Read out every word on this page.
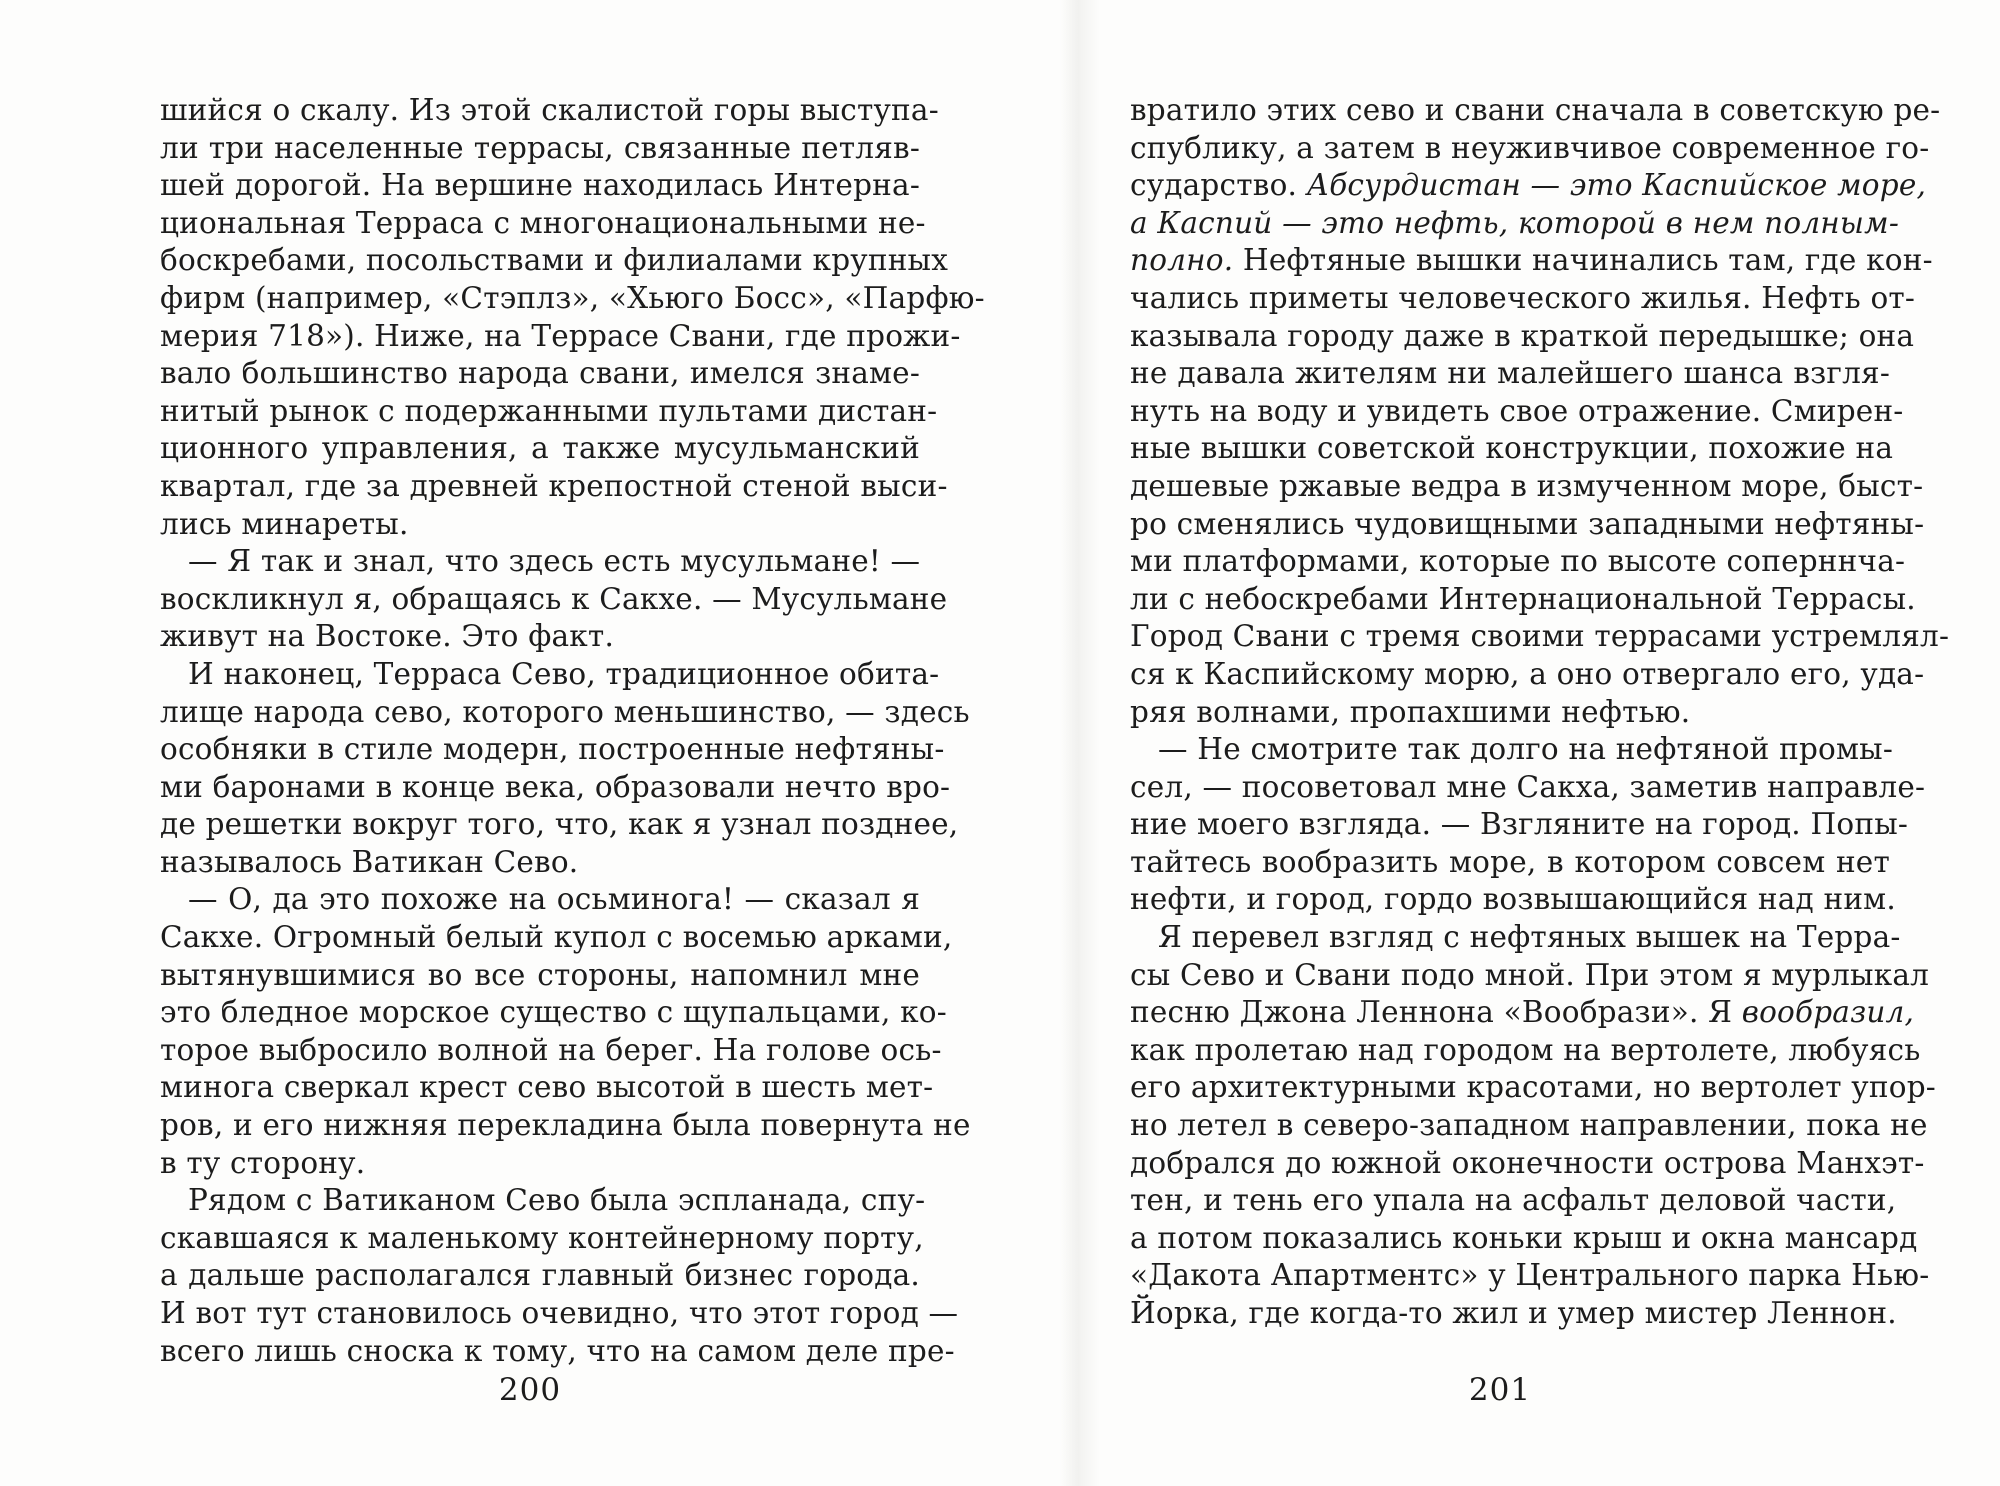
шийся о скалу. Из этой скалистой горы выступа-
ли три населенные террасы, связанные петляв-
шей дорогой. На вершине находилась Интерна-
циональная Терраса с многонациональными не-
боскребами, посольствами и филиалами крупных
фирм (например, «Стэплз», «Хьюго Босс», «Парфю-
мерия 718»). Ниже, на Террасе Свани, где прожи-
вало большинство народа свани, имелся знаме-
нитый рынок с подержанными пультами дистан-
ционного управления, а также мусульманский
квартал, где за древней крепостной стеной выси-
лись минареты.
— Я так и знал, что здесь есть мусульмане! —
воскликнул я, обращаясь к Сакхе. — Мусульмане
живут на Востоке. Это факт.
И наконец, Терраса Сево, традиционное обита-
лище народа сево, которого меньшинство, — здесь
особняки в стиле модерн, построенные нефтяны-
ми баронами в конце века, образовали нечто вро-
де решетки вокруг того, что, как я узнал позднее,
называлось Ватикан Сево.
— О, да это похоже на осьминога! — сказал я
Сакхе. Огромный белый купол с восемью арками,
вытянувшимися во все стороны, напомнил мне
это бледное морское существо с щупальцами, ко-
торое выбросило волной на берег. На голове ось-
минога сверкал крест сево высотой в шесть мет-
ров, и его нижняя перекладина была повернута не
в ту сторону.
Рядом с Ватиканом Сево была эспланада, спу-
скавшаяся к маленькому контейнерному порту,
а дальше располагался главный бизнес города.
И вот тут становилось очевидно, что этот город —
всего лишь сноска к тому, что на самом деле пре-
200
вратило этих сево и свани сначала в советскую ре-
спублику, а затем в неуживчивое современное го-
сударство. Абсурдистан — это Каспийское море,
а Каспий — это нефть, которой в нем полным-
полно. Нефтяные вышки начинались там, где кон-
чались приметы человеческого жилья. Нефть от-
казывала городу даже в краткой передышке; она
не давала жителям ни малейшего шанса взгля-
нуть на воду и увидеть свое отражение. Смирен-
ные вышки советской конструкции, похожие на
дешевые ржавые ведра в измученном море, быст-
ро сменялись чудовищными западными нефтяны-
ми платформами, которые по высоте соперннча-
ли с небоскребами Интернациональной Террасы.
Город Свани с тремя своими террасами устремлял-
ся к Каспийскому морю, а оно отвергало его, уда-
ряя волнами, пропахшими нефтью.
— Не смотрите так долго на нефтяной промы-
сел, — посоветовал мне Сакха, заметив направле-
ние моего взгляда. — Взгляните на город. Попы-
тайтесь вообразить море, в котором совсем нет
нефти, и город, гордо возвышающийся над ним.
Я перевел взгляд с нефтяных вышек на Терра-
сы Сево и Свани подо мной. При этом я мурлыкал
песню Джона Леннона «Вообрази». Я вообразил,
как пролетаю над городом на вертолете, любуясь
его архитектурными красотами, но вертолет упор-
но летел в северо-западном направлении, пока не
добрался до южной оконечности острова Манхэт-
тен, и тень его упала на асфальт деловой части,
а потом показались коньки крыш и окна мансард
«Дакота Апартментс» у Центрального парка Нью-
Йорка, где когда-то жил и умер мистер Леннон.
201
